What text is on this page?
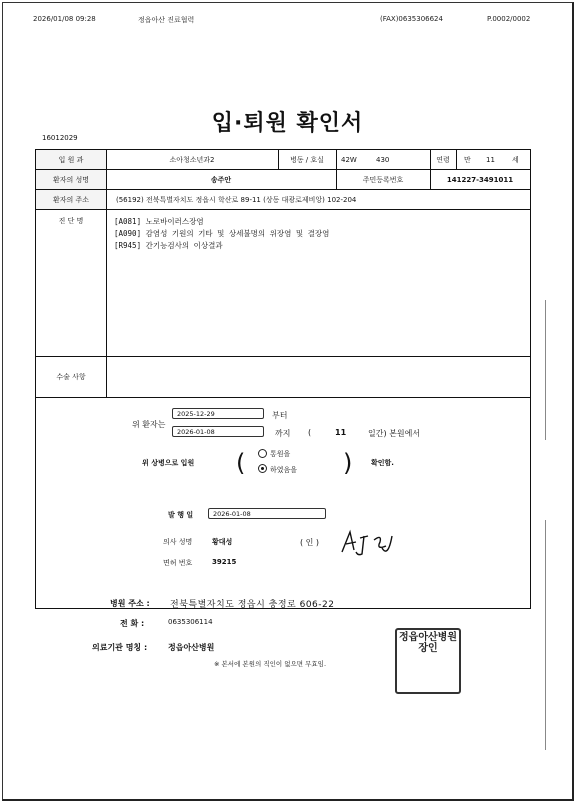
2026/01/08 09:28	정읍아산 진료협력	(FAX)0635306624	P.0002/0002
입·퇴원 확인서
16012029
입 원 과	소아청소년과2	병동 / 호실	42W	430	연령	만	11	세
환자의 성명	송주안	주민등록번호	141227-3491011
환자의 주소	(56192) 전북특별자치도 정읍시 학산로 89-11 (상동 대광로제비앙) 102-204
진 단 명	[A081] 노로바이러스장염
[A090] 감염성 기원의 기타 및 상세불명의 위장염 및 결장염
[R945] 간기능검사의 이상결과
수술 사항
위 환자는
2025-12-29	부터
2026-01-08	까지 (	11	일간) 본원에서
위 상병으로 입원 (	통원을
하였음을 )	확인함.
발 행 일	2026-01-08
의사 성명	황대성	( 인 )
면허 번호	39215
병원 주소 : 전북특별자치도 정읍시 충정로 606-22
전 화 :	0635306114
의료기관 명칭 :	정읍아산병원
※ 본서에 본원의 직인이 없으면 무효임.
정읍아산병원장인
